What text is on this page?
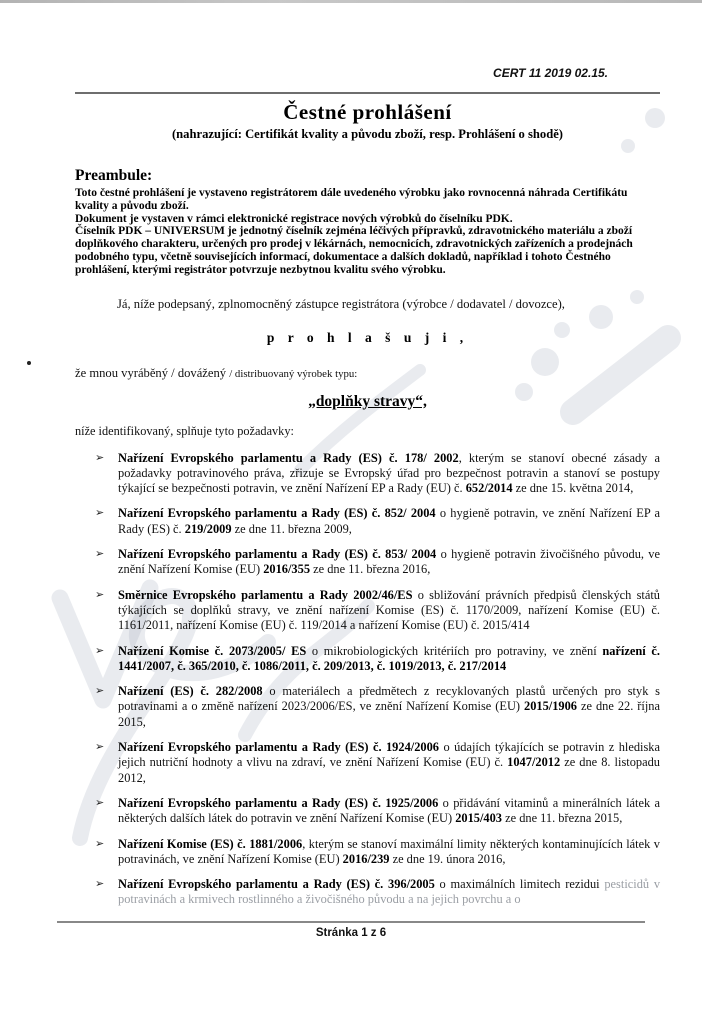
CERT 11 2019 02.15.
Čestné prohlášení
(nahrazující: Certifikát kvality a původu zboží, resp. Prohlášení o shodě)
Preambule:

Toto čestné prohlášení je vystaveno registrátorem dále uvedeného výrobku jako rovnocenná náhrada Certifikátu kvality a původu zboží.

Dokument je vystaven v rámci elektronické registrace nových výrobků do číselníku PDK.

Číselník PDK – UNIVERSUM je jednotný číselník zejména léčivých přípravků, zdravotnického materiálu a zboží doplňkového charakteru, určených pro prodej v lékárnách, nemocnicích, zdravotnických zařízeních a prodejnách podobného typu, včetně souvisejících informací, dokumentace a dalších dokladů, například i tohoto Čestného prohlášení, kterými registrátor potvrzuje nezbytnou kvalitu svého výrobku.

Já, níže podepsaný, zplnomocněný zástupce registrátora (výrobce / dodavatel / dovozce),

p r o h l a š u j i ,

že mnou vyráběný / dovážený / distribuovaný výrobek typu:

„doplňky stravy“,

níže identifikovaný, splňuje tyto požadavky:

➢ Nařízení Evropského parlamentu a Rady (ES) č. 178/ 2002, kterým se stanoví obecné zásady a požadavky potravinového práva, zřizuje se Evropský úřad pro bezpečnost potravin a stanoví se postupy týkající se bezpečnosti potravin, ve znění Nařízení EP a Rady (EU) č. 652/2014 ze dne 15. května 2014,
➢ Nařízení Evropského parlamentu a Rady (ES) č. 852/ 2004 o hygieně potravin, ve znění Nařízení EP a Rady (ES) č. 219/2009 ze dne 11. března 2009,
➢ Nařízení Evropského parlamentu a Rady (ES) č. 853/ 2004 o hygieně potravin živočišného původu, ve znění Nařízení Komise (EU) 2016/355 ze dne 11. března 2016,
➢ Směrnice Evropského parlamentu a Rady 2002/46/ES o sbližování právních předpisů členských států týkajících se doplňků stravy, ve znění nařízení Komise (ES) č. 1170/2009, nařízení Komise (EU) č. 1161/2011, nařízení Komise (EU) č. 119/2014 a nařízení Komise (EU) č. 2015/414
➢ Nařízení Komise č. 2073/2005/ ES o mikrobiologických kritériích pro potraviny, ve znění nařízení č. 1441/2007, č. 365/2010, č. 1086/2011, č. 209/2013, č. 1019/2013, č. 217/2014
➢ Nařízení (ES) č. 282/2008 o materiálech a předmětech z recyklovaných plastů určených pro styk s potravinami a o změně nařízení 2023/2006/ES, ve znění Nařízení Komise (EU) 2015/1906 ze dne 22. října 2015,
➢ Nařízení Evropského parlamentu a Rady (ES) č. 1924/2006 o údajích týkajících se potravin z hlediska jejich nutriční hodnoty a vlivu na zdraví, ve znění Nařízení Komise (EU) č. 1047/2012 ze dne 8. listopadu 2012,
➢ Nařízení Evropského parlamentu a Rady (ES) č. 1925/2006 o přidávání vitaminů a minerálních látek a některých dalších látek do potravin ve znění Nařízení Komise (EU) 2015/403 ze dne 11. března 2015,
➢ Nařízení Komise (ES) č. 1881/2006, kterým se stanoví maximální limity některých kontaminujících látek v potravinách, ve znění Nařízení Komise (EU) 2016/239 ze dne 19. února 2016,
➢ Nařízení Evropského parlamentu a Rady (ES) č. 396/2005 o maximálních limitech rezidui pesticidů v potravinách a krmivech rostlinného a živočišného původu a na jejich povrchu a o
Stránka 1 z 6
